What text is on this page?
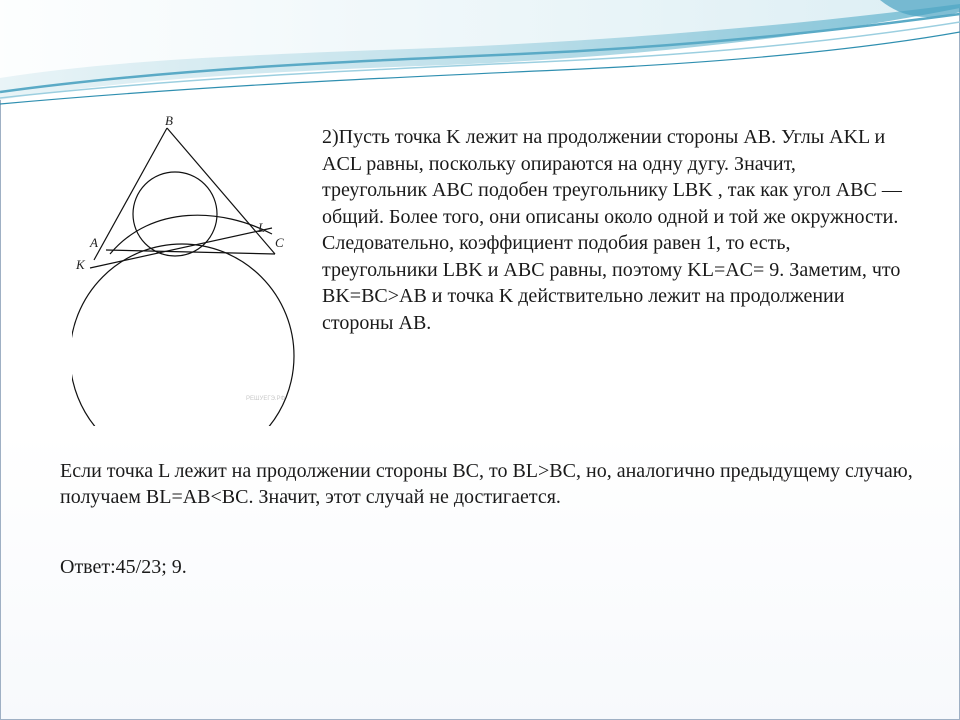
B
A
K
L
C
РЕШУЕГЭ.РФ

2)Пусть точка K лежит на продолжении стороны AB. Углы AKL и ACL равны, поскольку опираются на одну дугу. Значит, треугольник ABC подобен треугольнику LBK , так как угол ABC — общий. Более того, они описаны около одной и той же окружности. Следовательно, коэффициент подобия равен 1, то есть, треугольники LBK и ABC равны, поэтому KL=AC= 9. Заметим, что BK=BC>AB и точка K действительно лежит на продолжении стороны AB.

Если точка L лежит на продолжении стороны BC, то BL>BC, но, аналогично предыдущему случаю, получаем BL=AB<BC. Значит, этот случай не достигается.

Ответ:45/23; 9.
